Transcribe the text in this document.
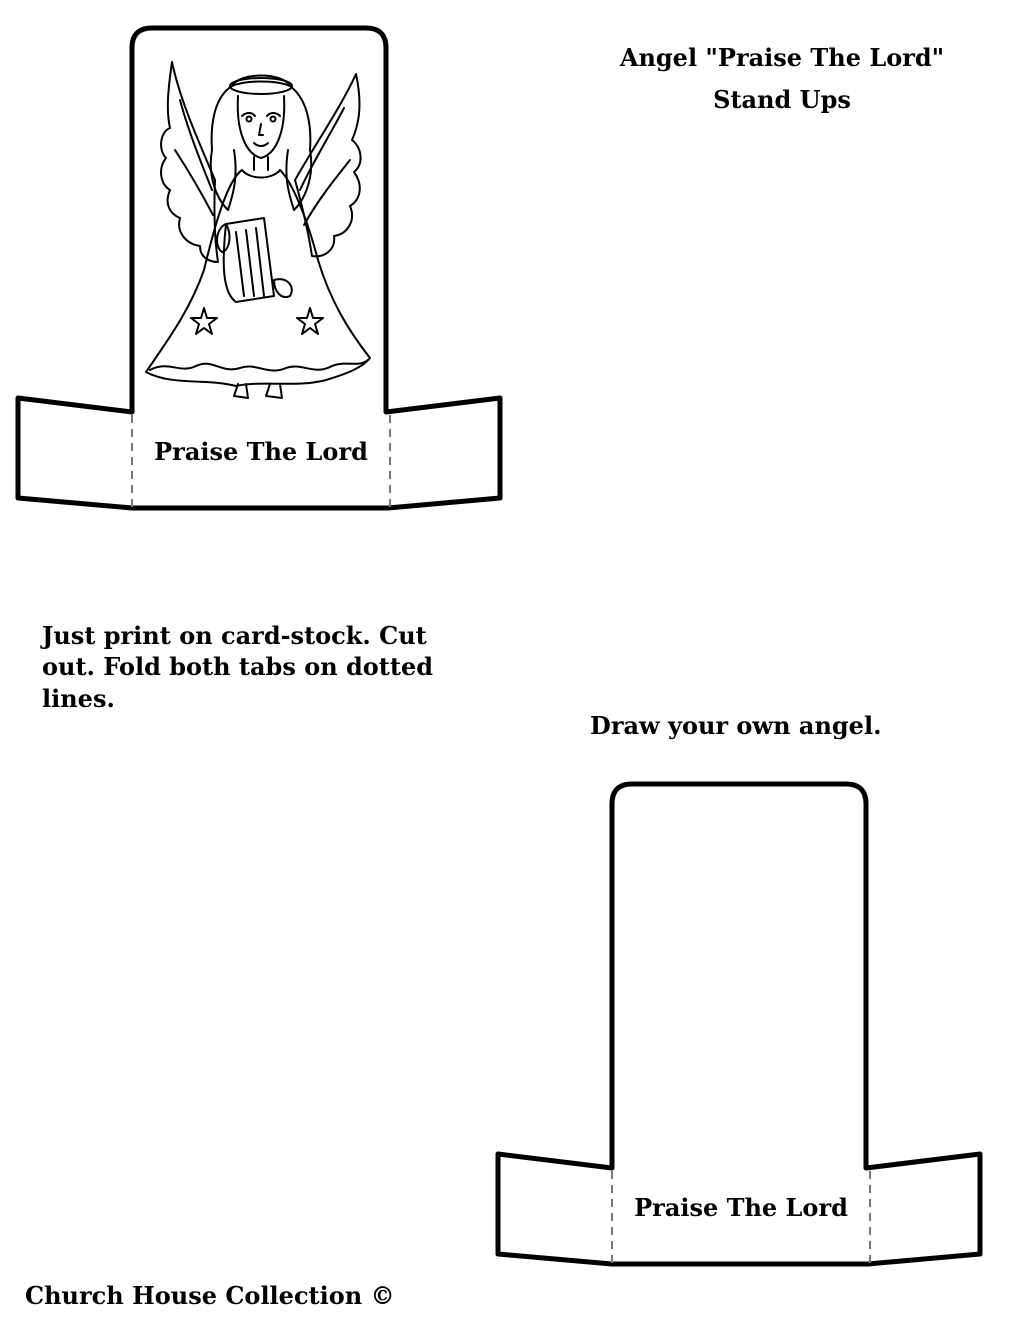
Angel "Praise The Lord"

Stand Ups

Praise The Lord

Just print on card-stock. Cut

out. Fold both tabs on dotted

lines.

Draw your own angel.

Praise The Lord

Church House Collection ©
